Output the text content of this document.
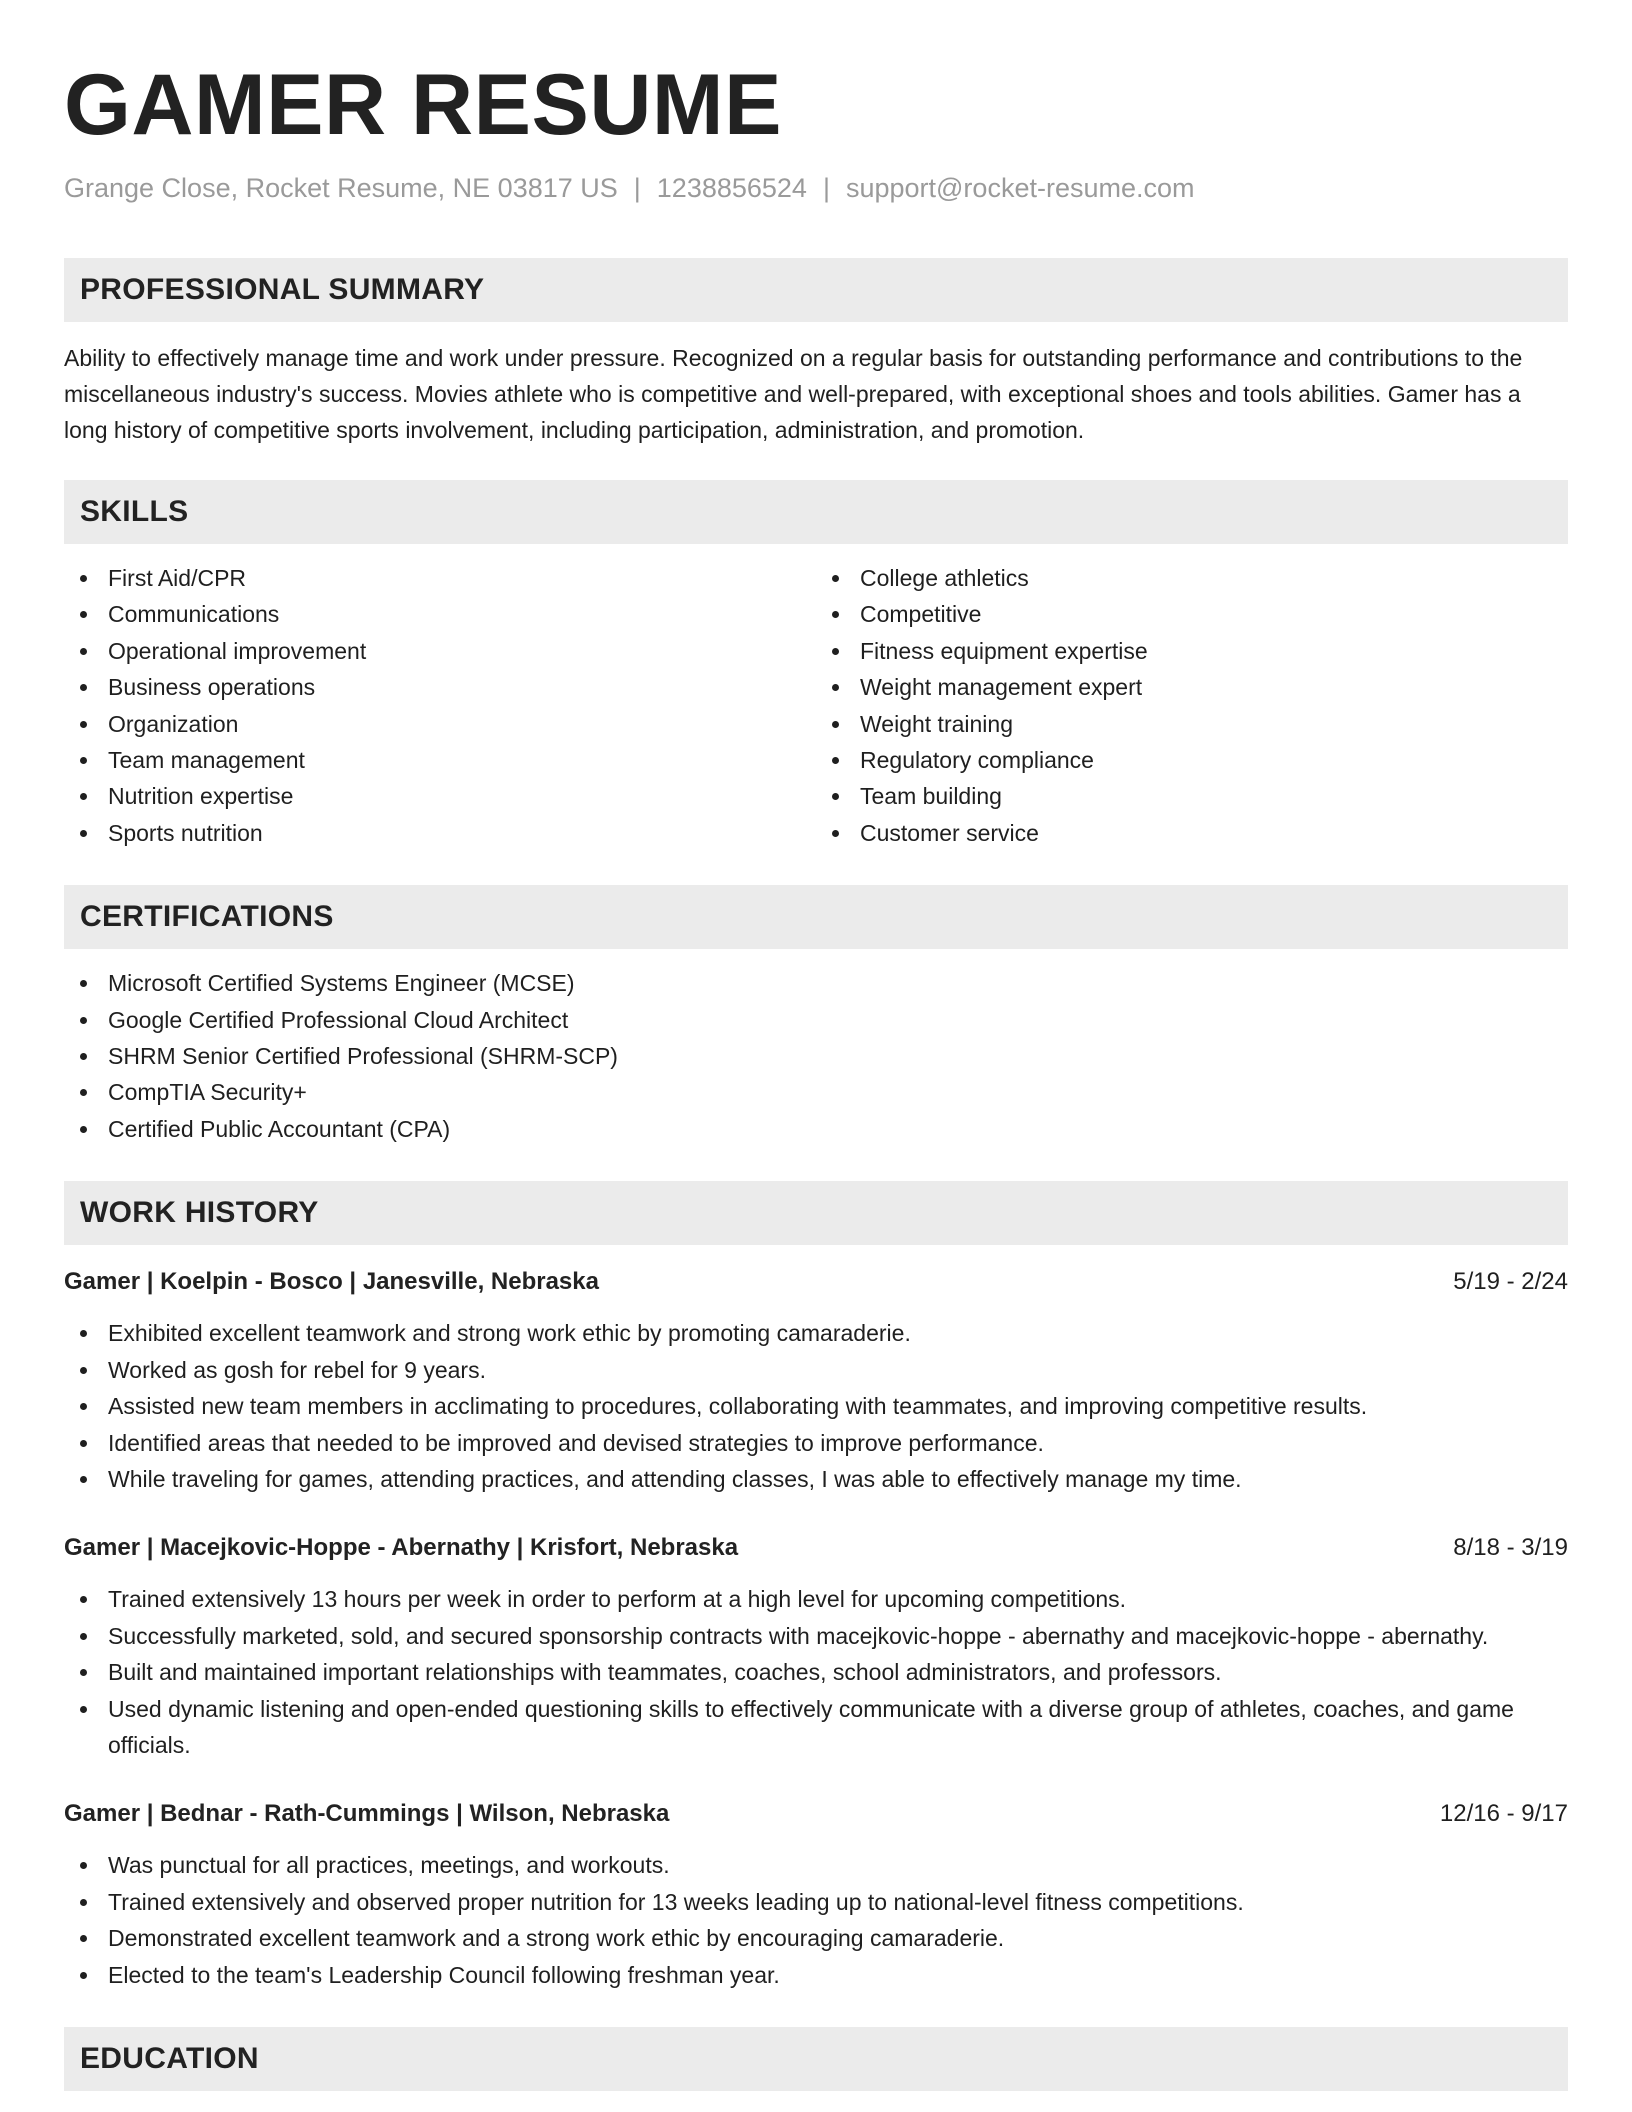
GAMER RESUME
Grange Close, Rocket Resume, NE 03817 US | 1238856524 | support@rocket-resume.com
PROFESSIONAL SUMMARY

Ability to effectively manage time and work under pressure. Recognized on a regular basis for outstanding performance and contributions to the miscellaneous industry's success. Movies athlete who is competitive and well-prepared, with exceptional shoes and tools abilities. Gamer has a long history of competitive sports involvement, including participation, administration, and promotion.

SKILLS
First Aid/CPR
Communications
Operational improvement
Business operations
Organization
Team management
Nutrition expertise
Sports nutrition
College athletics
Competitive
Fitness equipment expertise
Weight management expert
Weight training
Regulatory compliance
Team building
Customer service
CERTIFICATIONS
Microsoft Certified Systems Engineer (MCSE)
Google Certified Professional Cloud Architect
SHRM Senior Certified Professional (SHRM-SCP)
CompTIA Security+
Certified Public Accountant (CPA)
WORK HISTORY
Gamer | Koelpin - Bosco | Janesville, Nebraska	5/19 - 2/24
Exhibited excellent teamwork and strong work ethic by promoting camaraderie.
Worked as gosh for rebel for 9 years.
Assisted new team members in acclimating to procedures, collaborating with teammates, and improving competitive results.
Identified areas that needed to be improved and devised strategies to improve performance.
While traveling for games, attending practices, and attending classes, I was able to effectively manage my time.
Gamer | Macejkovic-Hoppe - Abernathy | Krisfort, Nebraska	8/18 - 3/19
Trained extensively 13 hours per week in order to perform at a high level for upcoming competitions.
Successfully marketed, sold, and secured sponsorship contracts with macejkovic-hoppe - abernathy and macejkovic-hoppe - abernathy.
Built and maintained important relationships with teammates, coaches, school administrators, and professors.
Used dynamic listening and open-ended questioning skills to effectively communicate with a diverse group of athletes, coaches, and game officials.
Gamer | Bednar - Rath-Cummings | Wilson, Nebraska	12/16 - 9/17
Was punctual for all practices, meetings, and workouts.
Trained extensively and observed proper nutrition for 13 weeks leading up to national-level fitness competitions.
Demonstrated excellent teamwork and a strong work ethic by encouraging camaraderie.
Elected to the team's Leadership Council following freshman year.
EDUCATION
